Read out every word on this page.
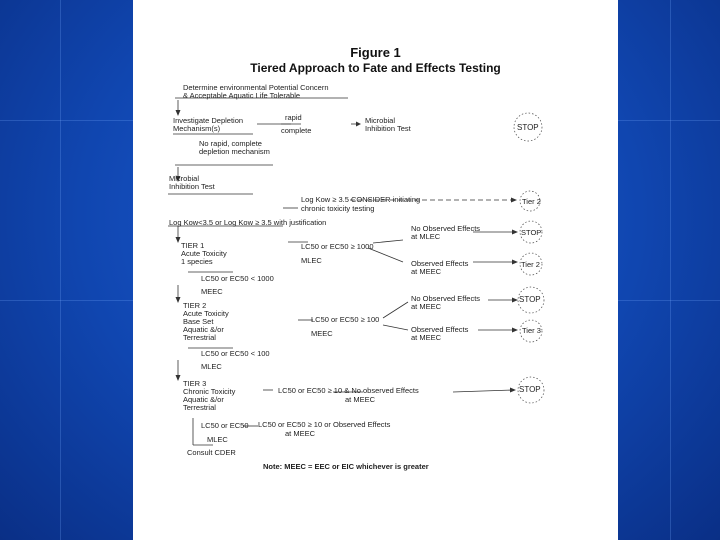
Figure 1
Tiered Approach to Fate and Effects Testing
Determine environmental Potential Concern
& Acceptable Aquatic Life Tolerable
Investigate Depletion
Mechanism(s)
rapid
complete
Microbial
Inhibition Test	STOP
No rapid, complete
depletion mechanism
Microbial
Inhibition Test
Log Kow ≥ 3.5 CONSIDER initiating
chronic toxicity testing
Tier 2
Log Kow<3.5 or Log Kow ≥ 3.5 with justification
TIER 1
Acute Toxicity
1 species
LC50 or EC50 ≥ 1000
MLEC
No Observed Effects
at MLEC
Observed Effects
at MEEC
STOP
Tier 2
LC50 or EC50 < 1000
MEEC
TIER 2
Acute Toxicity
Base Set
Aquatic &/or
Terrestrial
LC50 or EC50 ≥ 100
MEEC
No Observed Effects
at MEEC
Observed Effects
at MEEC
STOP
Tier 3
LC50 or EC50 < 100
MLEC
TIER 3
Chronic Toxicity
Aquatic &/or
Terrestrial
LC50 or EC50 ≥ 10 & No observed Effects
at MEEC
STOP
LC50 or EC50
MLEC
LC50 or EC50 ≥ 10 or Observed Effects
at MEEC
Consult CDER
Note: MEEC = EEC or EIC whichever is greater
